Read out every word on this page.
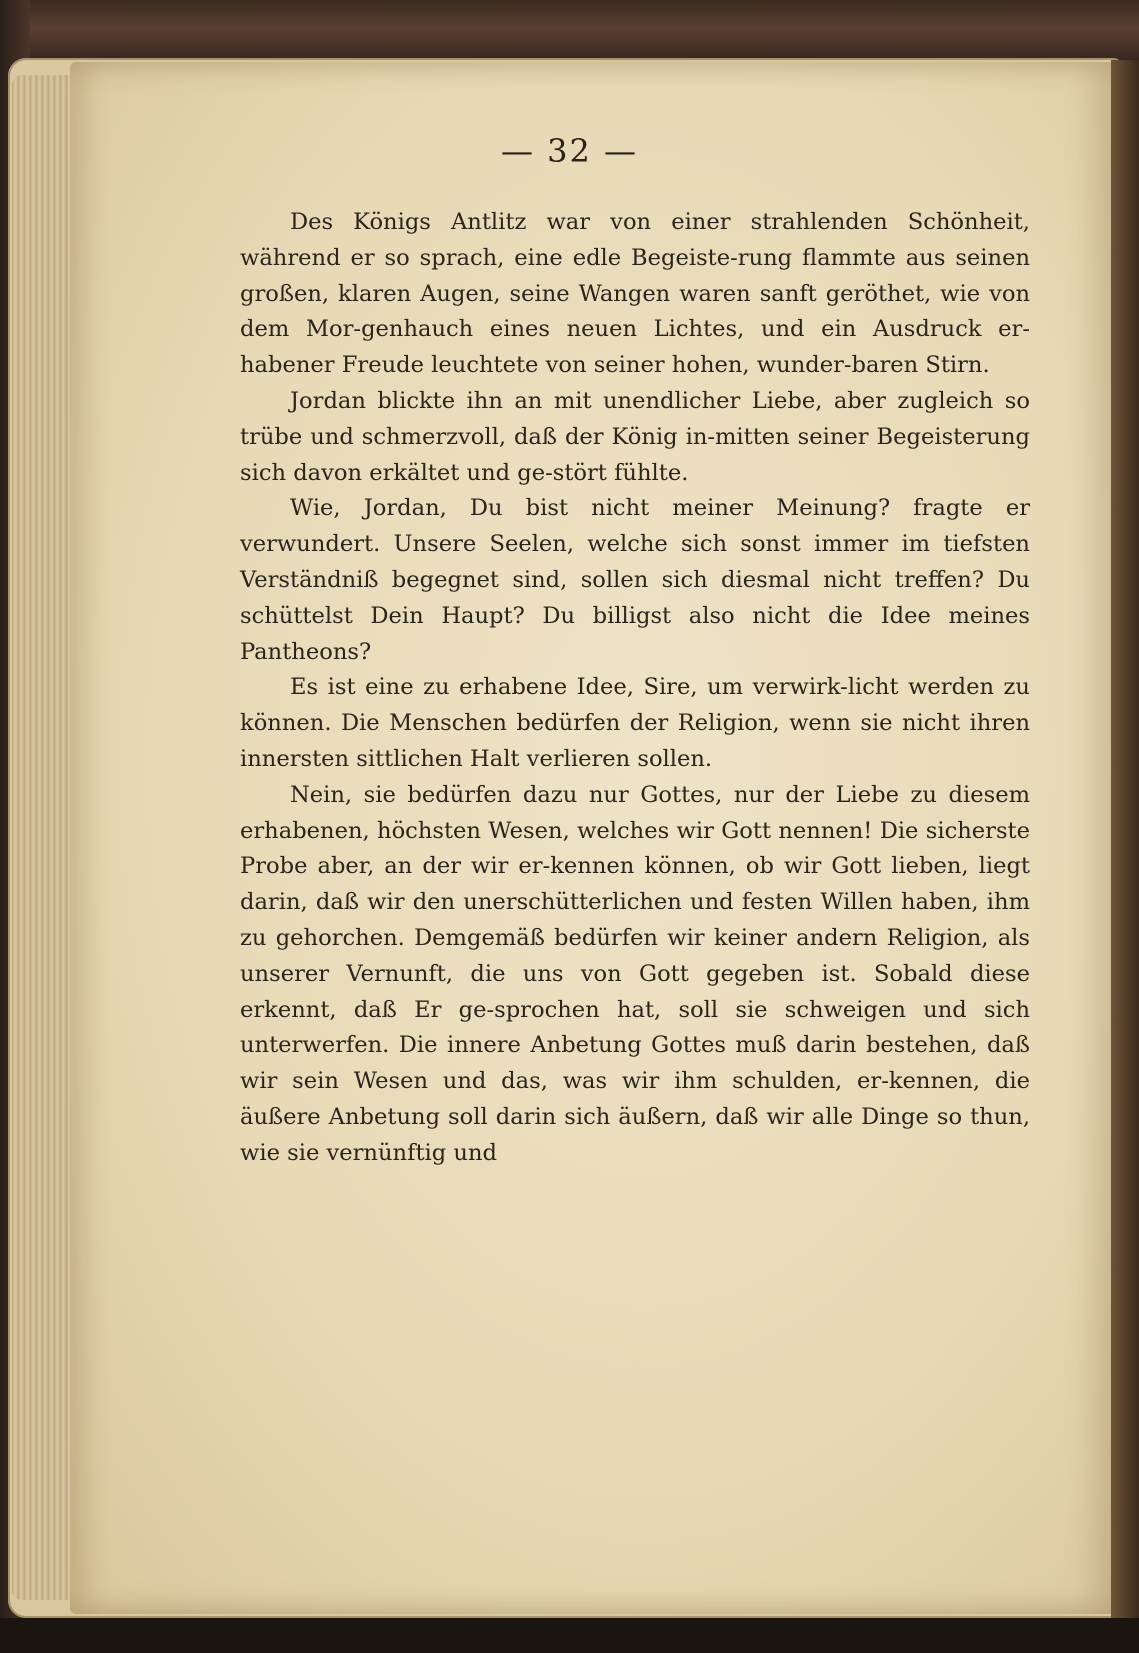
— 32 —

Des Königs Antlitz war von einer strahlenden Schönheit, während er so sprach, eine edle Begeiste-rung flammte aus seinen großen, klaren Augen, seine Wangen waren sanft geröthet, wie von dem Mor-genhauch eines neuen Lichtes, und ein Ausdruck er-habener Freude leuchtete von seiner hohen, wunder-baren Stirn.

Jordan blickte ihn an mit unendlicher Liebe, aber zugleich so trübe und schmerzvoll, daß der König in-mitten seiner Begeisterung sich davon erkältet und ge-stört fühlte.

Wie, Jordan, Du bist nicht meiner Meinung? fragte er verwundert. Unsere Seelen, welche sich sonst immer im tiefsten Verständniß begegnet sind, sollen sich diesmal nicht treffen? Du schüttelst Dein Haupt? Du billigst also nicht die Idee meines Pantheons?

Es ist eine zu erhabene Idee, Sire, um verwirk-licht werden zu können. Die Menschen bedürfen der Religion, wenn sie nicht ihren innersten sittlichen Halt verlieren sollen.

Nein, sie bedürfen dazu nur Gottes, nur der Liebe zu diesem erhabenen, höchsten Wesen, welches wir Gott nennen! Die sicherste Probe aber, an der wir er-kennen können, ob wir Gott lieben, liegt darin, daß wir den unerschütterlichen und festen Willen haben, ihm zu gehorchen. Demgemäß bedürfen wir keiner andern Religion, als unserer Vernunft, die uns von Gott gegeben ist. Sobald diese erkennt, daß Er ge-sprochen hat, soll sie schweigen und sich unterwerfen. Die innere Anbetung Gottes muß darin bestehen, daß wir sein Wesen und das, was wir ihm schulden, er-kennen, die äußere Anbetung soll darin sich äußern, daß wir alle Dinge so thun, wie sie vernünftig und
